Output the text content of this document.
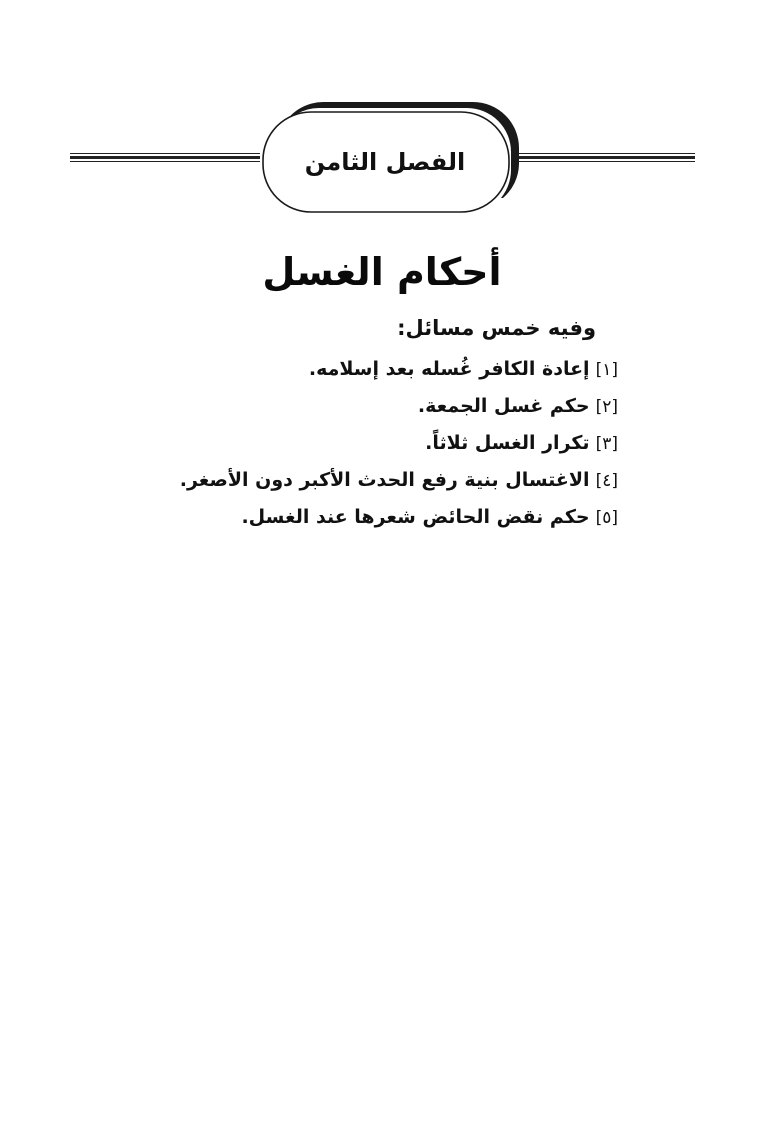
الفصل الثامن
أحكام الغسل
وفيه خمس مسائل:
[١]إعادة الكافر غُسله بعد إسلامه.
[٢]حكم غسل الجمعة.
[٣]تكرار الغسل ثلاثاً.
[٤]الاغتسال بنية رفع الحدث الأكبر دون الأصغر.
[٥]حكم نقض الحائض شعرها عند الغسل.
